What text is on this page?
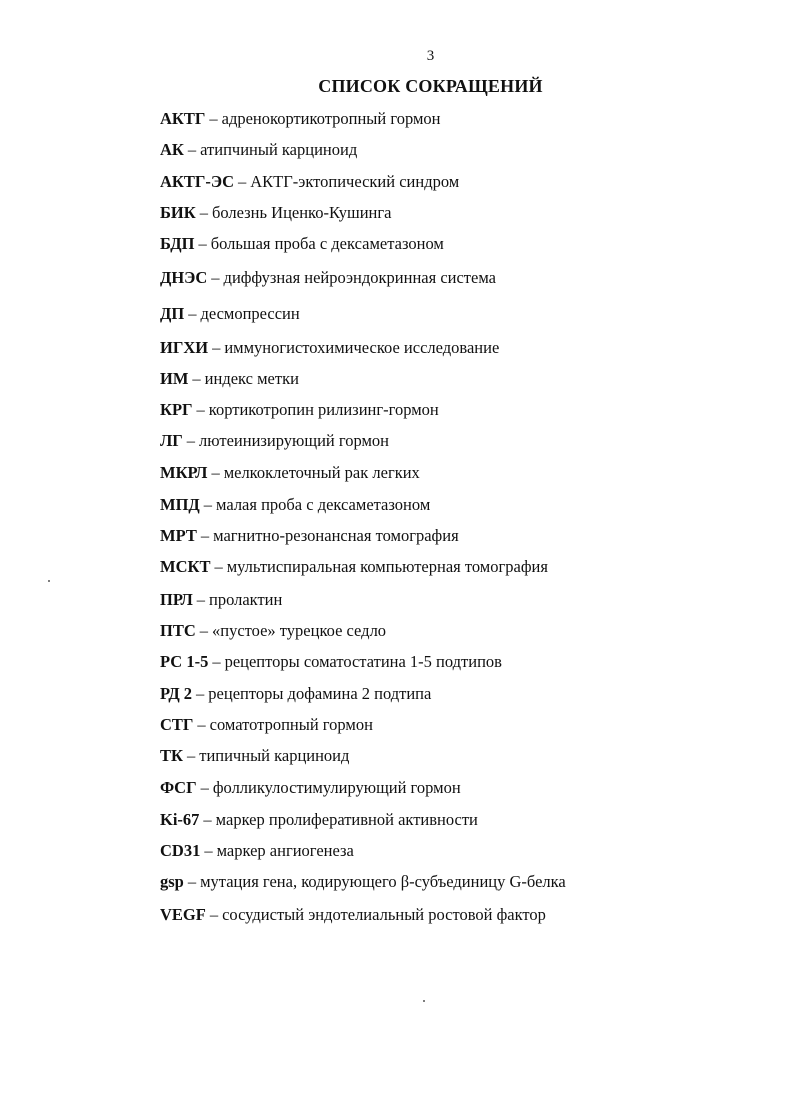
3
СПИСОК СОКРАЩЕНИЙ
АКТГ – адренокортикотропный гормон
АК – атипчиный карциноид
АКТГ-ЭС – АКТГ-эктопический синдром
БИК – болезнь Иценко-Кушинга
БДП – большая проба с дексаметазоном
ДНЭС – диффузная нейроэндокринная система
ДП – десмопрессин
ИГХИ – иммуногистохимическое исследование
ИМ – индекс метки
КРГ – кортикотропин рилизинг-гормон
ЛГ – лютеинизирующий гормон
МКРЛ – мелкоклеточный рак легких
МПД – малая проба с дексаметазоном
МРТ – магнитно-резонансная томография
МСКТ – мультиспиральная компьютерная томография
ПРЛ – пролактин
ПТС – «пустое» турецкое седло
РС 1-5 – рецепторы соматостатина 1-5 подтипов
РД 2 – рецепторы дофамина 2 подтипа
СТГ – соматотропный гормон
ТК – типичный карциноид
ФСГ – фолликулостимулирующий гормон
Ki-67 – маркер пролиферативной активности
CD31 – маркер ангиогенеза
gsp – мутация гена, кодирующего β-субъединицу G-белка
VEGF – сосудистый эндотелиальный ростовой фактор
